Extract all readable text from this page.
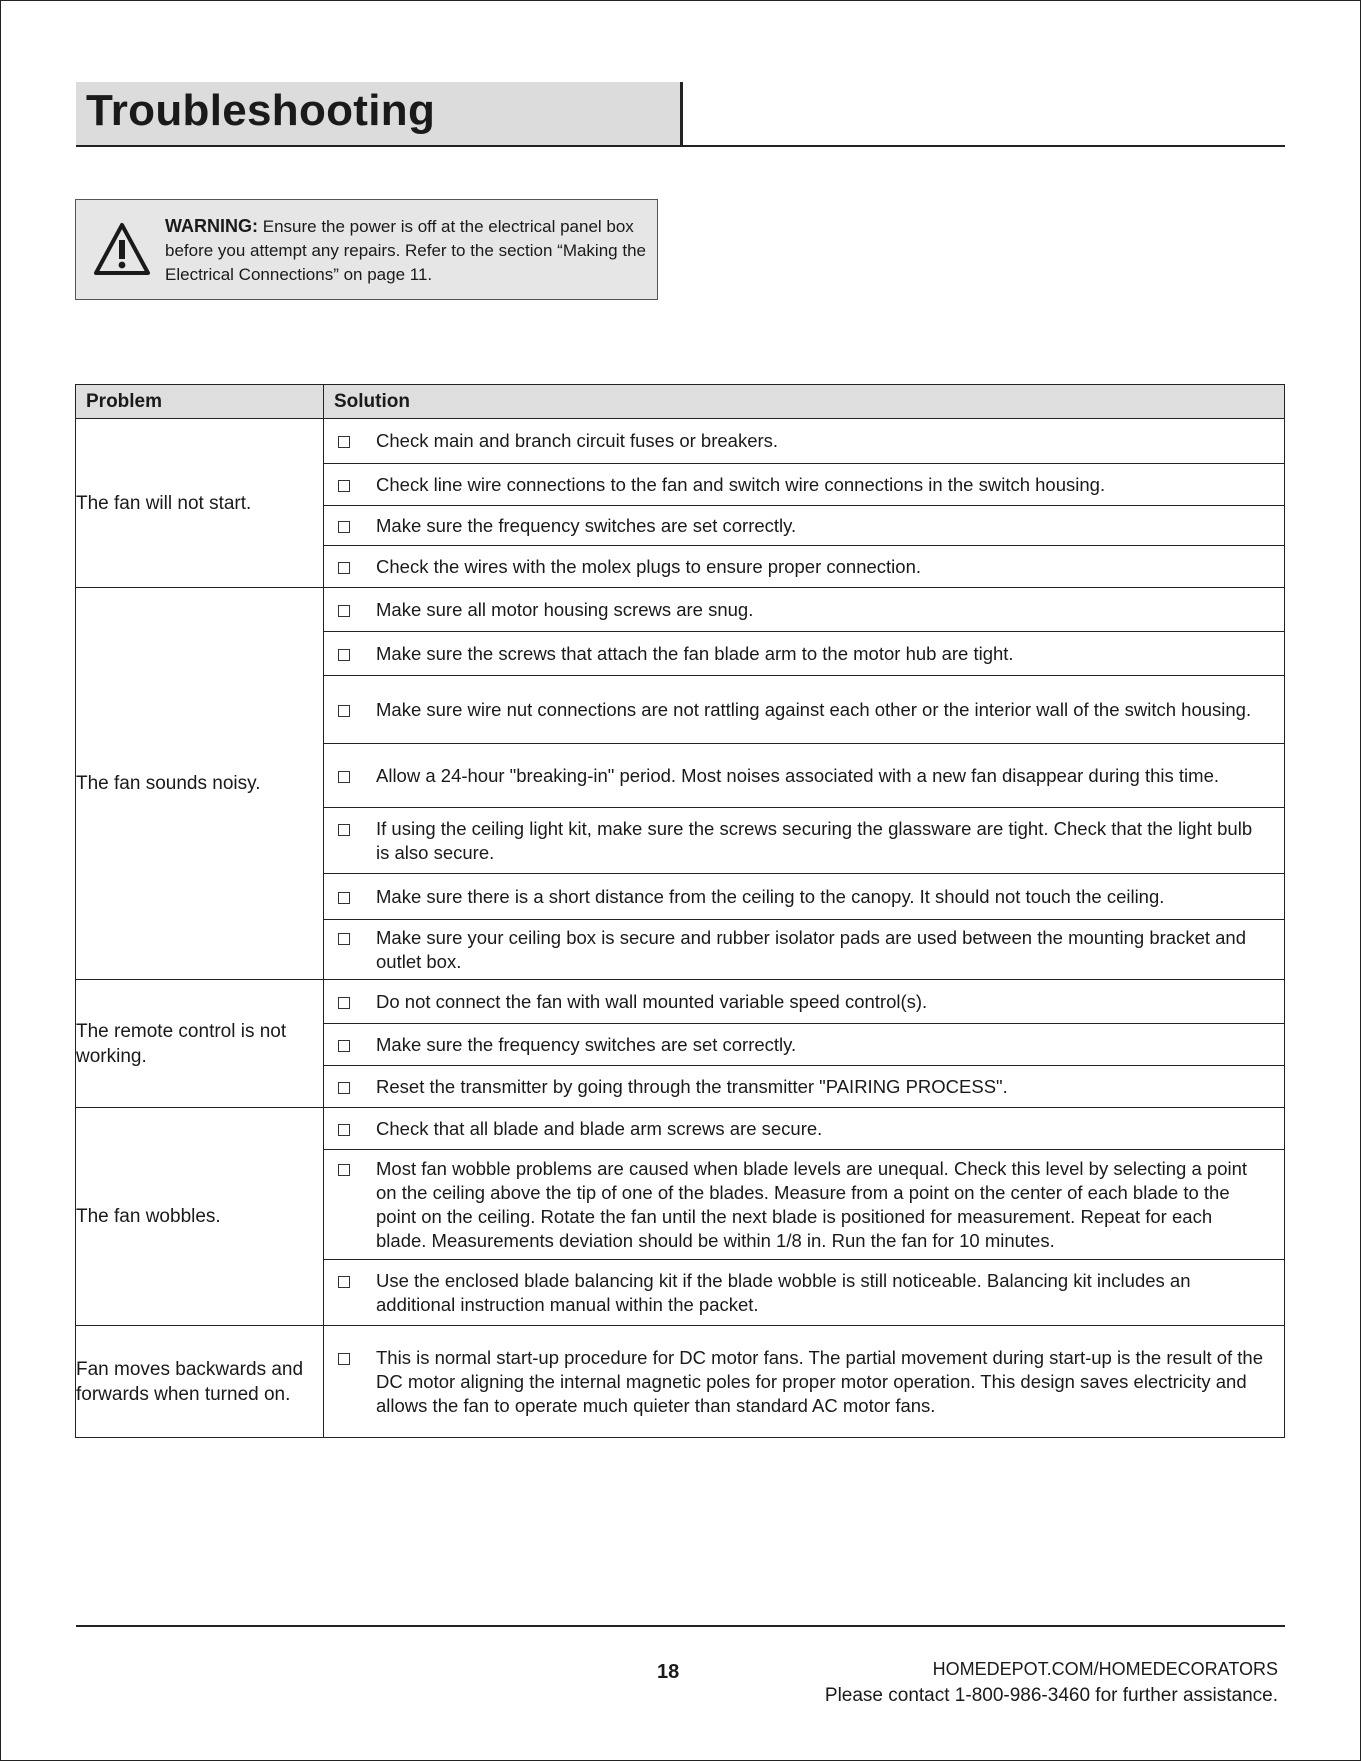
Troubleshooting
WARNING: Ensure the power is off at the electrical panel box before you attempt any repairs. Refer to the section “Making the Electrical Connections” on page 11.
Problem	Solution
The fan will not start.	Check main and branch circuit fuses or breakers.

	Check line wire connections to the fan and switch wire connections in the switch housing.

	Make sure the frequency switches are set correctly.

	Check the wires with the molex plugs to ensure proper connection.

The fan sounds noisy.	Make sure all motor housing screws are snug.

	Make sure the screws that attach the fan blade arm to the motor hub are tight.

	Make sure wire nut connections are not rattling against each other or the interior wall of the switch housing.

	Allow a 24-hour "breaking-in" period. Most noises associated with a new fan disappear during this time.

	If using the ceiling light kit, make sure the screws securing the glassware are tight. Check that the light bulb is also secure.

	Make sure there is a short distance from the ceiling to the canopy. It should not touch the ceiling.

	Make sure your ceiling box is secure and rubber isolator pads are used between the mounting bracket and outlet box.

The remote control is not working.	Do not connect the fan with wall mounted variable speed control(s).

	Make sure the frequency switches are set correctly.

	Reset the transmitter by going through the transmitter "PAIRING PROCESS".

The fan wobbles.	Check that all blade and blade arm screws are secure.

	Most fan wobble problems are caused when blade levels are unequal. Check this level by selecting a point on the ceiling above the tip of one of the blades. Measure from a point on the center of each blade to the point on the ceiling. Rotate the fan until the next blade is positioned for measurement. Repeat for each blade. Measurements deviation should be within 1/8 in. Run the fan for 10 minutes.

	Use the enclosed blade balancing kit if the blade wobble is still noticeable. Balancing kit includes an additional instruction manual within the packet.

Fan moves backwards and forwards when turned on.	This is normal start-up procedure for DC motor fans. The partial movement during start-up is the result of the DC motor aligning the internal magnetic poles for proper motor operation. This design saves electricity and allows the fan to operate much quieter than standard AC motor fans.
18	HOMEDEPOT.COM/HOMEDECORATORS
Please contact 1-800-986-3460 for further assistance.
